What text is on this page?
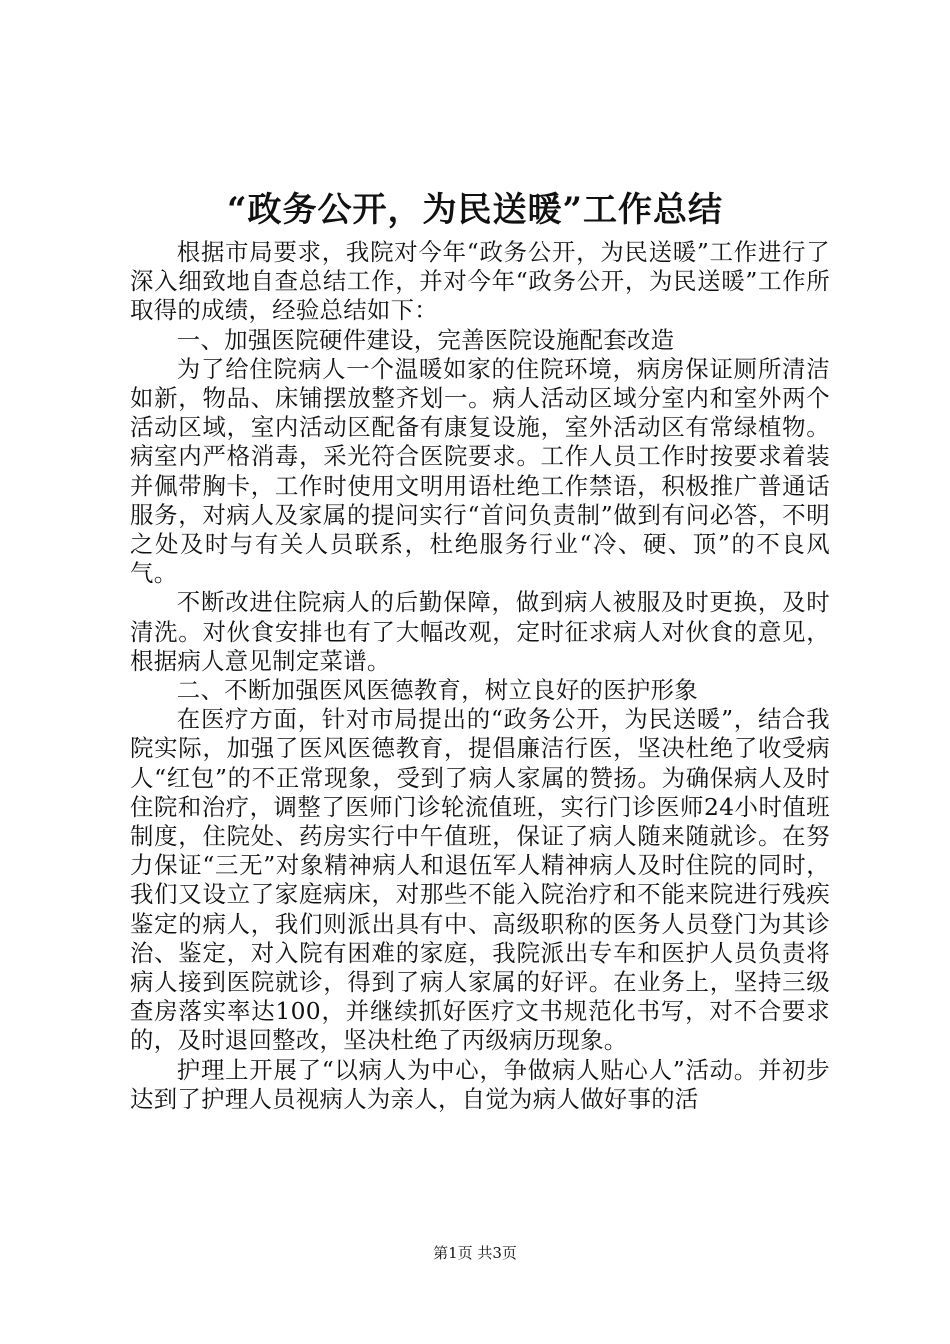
“政务公开，为民送暖”工作总结

根据市局要求，我院对今年“政务公开，为民送暖”工作进行了深入细致地自查总结工作，并对今年“政务公开，为民送暖”工作所取得的成绩，经验总结如下：

一、加强医院硬件建设，完善医院设施配套改造

为了给住院病人一个温暖如家的住院环境，病房保证厕所清洁如新，物品、床铺摆放整齐划一。病人活动区域分室内和室外两个活动区域，室内活动区配备有康复设施，室外活动区有常绿植物。病室内严格消毒，采光符合医院要求。工作人员工作时按要求着装并佩带胸卡，工作时使用文明用语杜绝工作禁语，积极推广普通话服务，对病人及家属的提问实行“首问负责制”做到有问必答，不明之处及时与有关人员联系，杜绝服务行业“冷、硬、顶”的不良风气。

不断改进住院病人的后勤保障，做到病人被服及时更换，及时清洗。对伙食安排也有了大幅改观，定时征求病人对伙食的意见，根据病人意见制定菜谱。

二、不断加强医风医德教育，树立良好的医护形象

在医疗方面，针对市局提出的“政务公开，为民送暖”，结合我院实际，加强了医风医德教育，提倡廉洁行医，坚决杜绝了收受病人“红包”的不正常现象，受到了病人家属的赞扬。为确保病人及时住院和治疗，调整了医师门诊轮流值班，实行门诊医师24小时值班制度，住院处、药房实行中午值班，保证了病人随来随就诊。在努力保证“三无”对象精神病人和退伍军人精神病人及时住院的同时，我们又设立了家庭病床，对那些不能入院治疗和不能来院进行残疾鉴定的病人，我们则派出具有中、高级职称的医务人员登门为其诊治、鉴定，对入院有困难的家庭，我院派出专车和医护人员负责将病人接到医院就诊，得到了病人家属的好评。在业务上，坚持三级查房落实率达100，并继续抓好医疗文书规范化书写，对不合要求的，及时退回整改，坚决杜绝了丙级病历现象。

护理上开展了“以病人为中心，争做病人贴心人”活动。并初步达到了护理人员视病人为亲人，自觉为病人做好事的活

第1页 共3页
